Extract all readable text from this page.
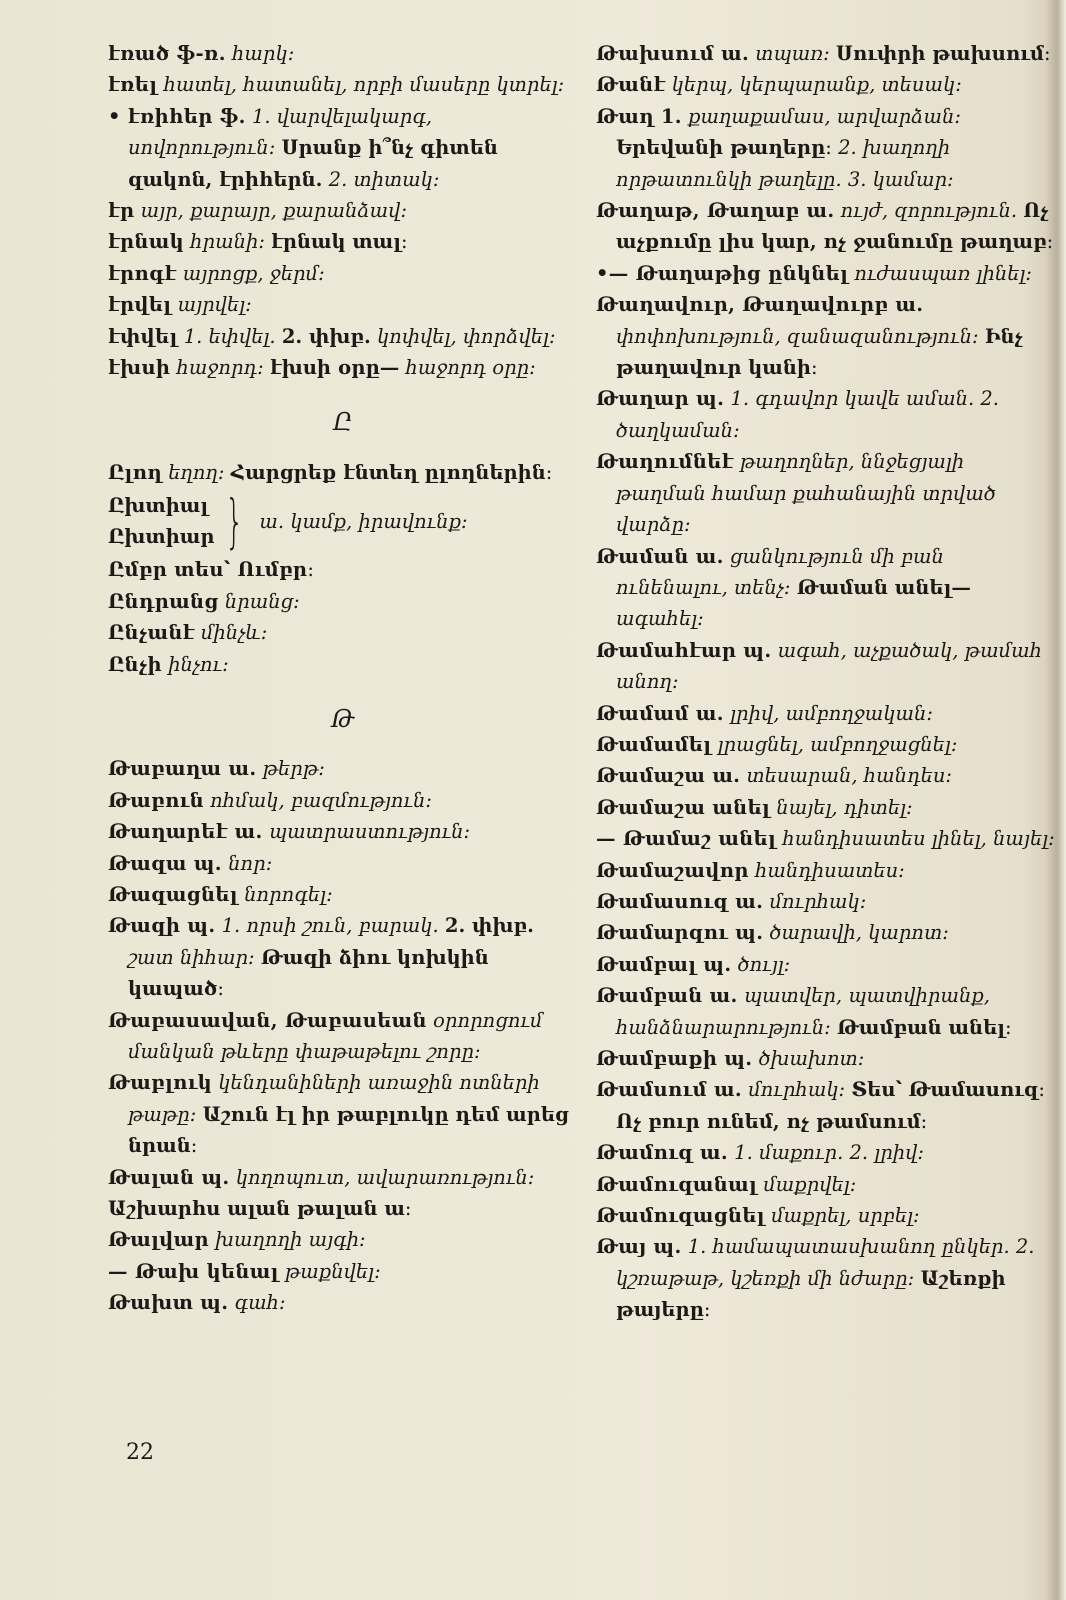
էռած ֆ-ռ. հարկ։

էռել հատել, հատանել, որբի մասերը կտրել։

• էռիհեր ֆ. 1. վարվելակարգ, սովորություն։ Սրանք ի՞նչ գիտեն զակոն, էրիհերն. 2. տիտակ։

էր այր, քարայր, քարանձավ։

էրնակ հրանի։ էրնակ տալ։

էրոգէ այրոցք, ջերմ։

էրվել այրվել։

էփվել 1. եփվել. 2. փխբ. կոփվել, փորձվել։

էխսի հաջորդ։ էխսի օրը— հաջորդ օրը։

Ը

Ըլող եղող։ Հարցրեք էնտեղ ըլողներին։

Ըխտիալ
Ըխտիար } ա. կամք, իրավունք։

Ըմբր տես՝ Ումբր։

Ընդրանց նրանց։

Ընչանէ մինչև։

Ընչի ինչու։

Թ

Թաբաղա ա. թերթ։

Թաբուն ոհմակ, բազմություն։

Թաղարեէ ա. պատրաստություն։

Թազա պ. նոր։

Թազացնել նորոգել։

Թազի պ. 1. որսի շուն, բարակ. 2. փխբ. շատ նիհար։ Թազի ձիու կոխկին կապած։

Թաբասավան, Թաբասեան օրորոցում մանկան թևերը փաթաթելու շորը։

Թաբլուկ կենդանիների առաջին ոտների թաթը։ Աշուն էլ իր թաբլուկը դեմ արեց նրան։

Թալան պ. կողոպուտ, ավարառություն։

Աշխարհս ալան թալան ա։

Թալվար խաղողի այգի։

— Թախ կենալ թաքնվել։

Թախտ պ. գահ։

Թախսում ա. տպառ։ Սուփրի թախսում։

Թանէ կերպ, կերպարանք, տեսակ։

Թաղ 1. քաղաքամաս, արվարձան։ Երեվանի թաղերը։ 2. խաղողի որթատունկի թաղելը. 3. կամար։

Թաղաթ, Թաղաբ ա. ույժ, զորություն. Ոչ աչքումը լիս կար, ոչ ջանումը թաղաբ։

•— Թաղաթից ընկնել ուժասպառ լինել։

Թաղավուր, Թաղավուրբ ա. փոփոխություն, զանազանություն։ Ինչ թաղավուր կանի։

Թաղար պ. 1. գդավոր կավե աման. 2. ծաղկաման։

Թաղումնեէ թաղողներ, ննջեցյալի թաղման համար քահանային տրված վարձը։

Թաման ա. ցանկություն մի բան ունենալու, տենչ։ Թաման անել— ագահել։

Թամահէար պ. ագահ, աչքածակ, թամահ անող։

Թամամ ա. լրիվ, ամբողջական։

Թամամել լրացնել, ամբողջացնել։

Թամաշա ա. տեսարան, հանդես։

Թամաշա անել նայել, դիտել։

— Թամաշ անել հանդիսատես լինել, նայել։

Թամաշավոր հանդիսատես։

Թամասուզ ա. մուրհակ։

Թամարզու պ. ծարավի, կարոտ։

Թամբալ պ. ծույլ։

Թամբան ա. պատվեր, պատվիրանք, հանձնարարություն։ Թամբան անել։

Թամբաքի պ. ծխախոտ։

Թամսում ա. մուրհակ։ Տես՝ Թամասուզ։ Ոչ բուր ունեմ, ոչ թամսում։

Թամուզ ա. 1. մաքուր. 2. լրիվ։

Թամուզանալ մաքրվել։

Թամուզացնել մաքրել, սրբել։

Թայ պ. 1. համապատասխանող ընկեր. 2. կշռաթաթ, կշեռքի մի նժարը։ Աշեռքի թայերը։

22
